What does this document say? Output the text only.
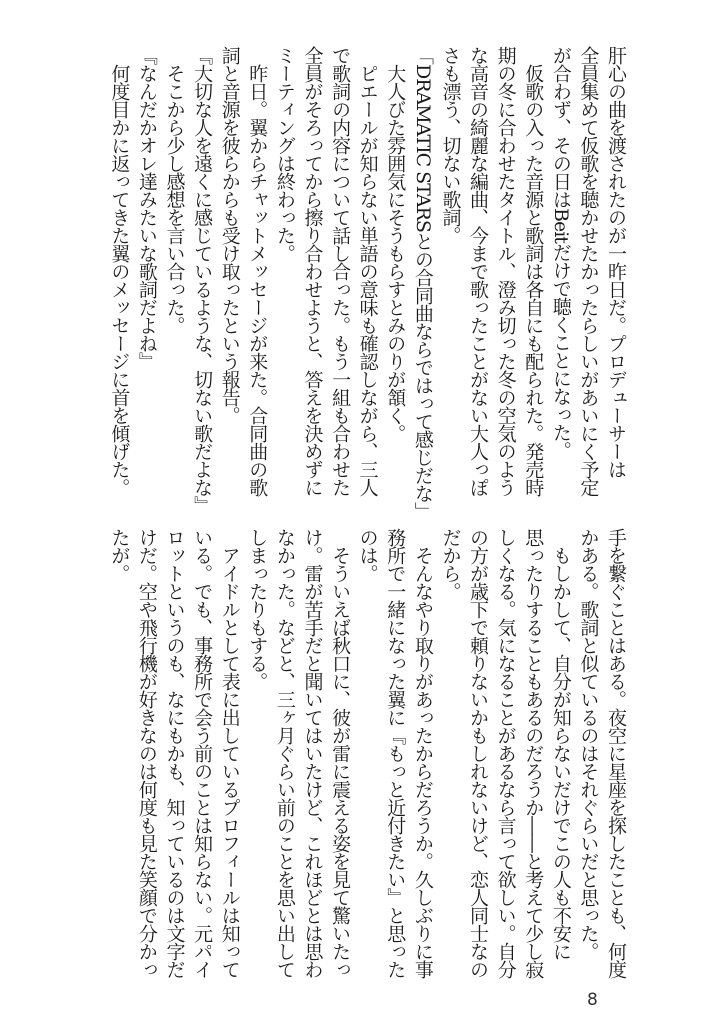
肝心の曲を渡されたのが一昨日だ。プロデューサーは
全員集めて仮歌を聴かせたかったらしいがあいにく予定
が合わず、その日はBeitだけで聴くことになった。
　仮歌の入った音源と歌詞は各自にも配られた。発売時
期の冬に合わせたタイトル、澄み切った冬の空気のよう
な高音の綺麗な編曲、今まで歌ったことがない大人っぽ
さも漂う、切ない歌詞。
「DRAMATIC STARSとの合同曲ならではって感じだな」
　大人びた雰囲気にそうもらすとみのりが頷く。
　ピエールが知らない単語の意味も確認しながら、三人
で歌詞の内容について話し合った。もう一組も合わせた
全員がそろってから擦り合わせようと、答えを決めずに
ミーティングは終わった。
　昨日。翼からチャットメッセージが来た。合同曲の歌
詞と音源を彼らからも受け取ったという報告。
『大切な人を遠くに感じているような、切ない歌だよな』
　そこから少し感想を言い合った。
『なんだかオレ達みたいな歌詞だよね』
　何度目かに返ってきた翼のメッセージに首を傾げた。
手を繋ぐことはある。夜空に星座を探したことも、何度
かある。歌詞と似ているのはそれぐらいだと思った。
　もしかして、自分が知らないだけでこの人も不安に
思ったりすることもあるのだろうか――と考えて少し寂
しくなる。気になることがあるなら言って欲しい。自分
の方が歳下で頼りないかもしれないけど、恋人同士なの
だから。
　そんなやり取りがあったからだろうか。久しぶりに事
務所で一緒になった翼に『もっと近付きたい』と思った
のは。
　そういえば秋口に、彼が雷に震える姿を見て驚いたっ
け。雷が苦手だと聞いてはいたけど、これほどとは思わ
なかった。などと、三ヶ月ぐらい前のことを思い出して
しまったりもする。
　アイドルとして表に出しているプロフィールは知って
いる。でも、事務所で会う前のことは知らない。元パイ
ロットというのも、なにもかも、知っているのは文字だ
けだ。空や飛行機が好きなのは何度も見た笑顔で分かっ
たが。
8
